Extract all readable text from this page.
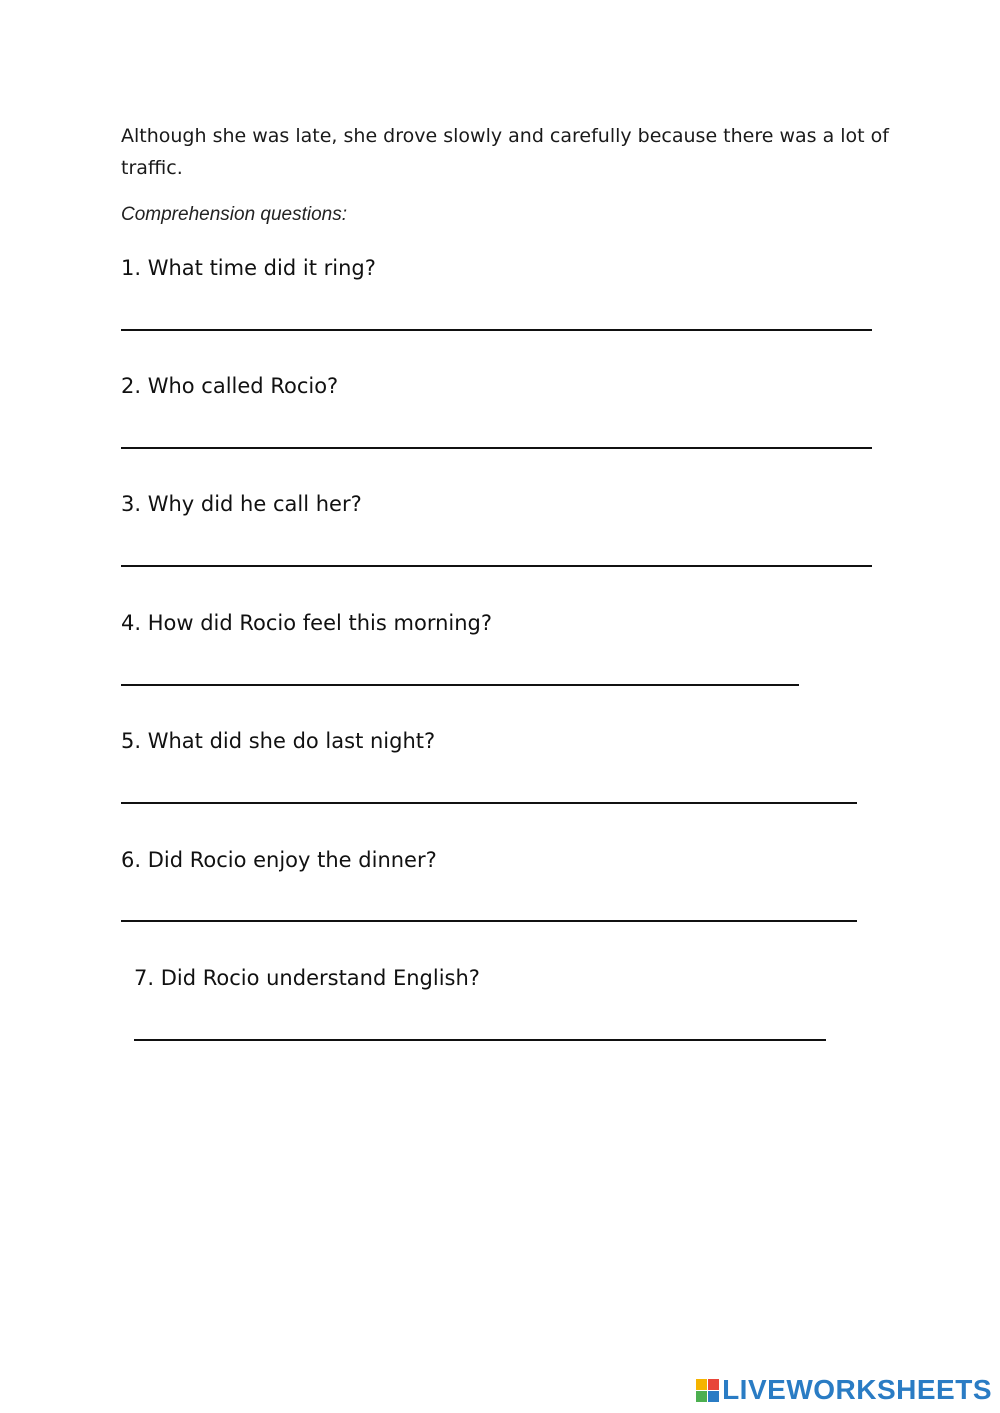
Although she was late, she drove slowly and carefully because there was a lot of traffic.
Comprehension questions:
1. What time did it ring?
2. Who called Rocio?
3. Why did he call her?
4. How did Rocio feel this morning?
5. What did she do last night?
6. Did Rocio enjoy the dinner?
7. Did Rocio understand English?
LIVEWORKSHEETS
